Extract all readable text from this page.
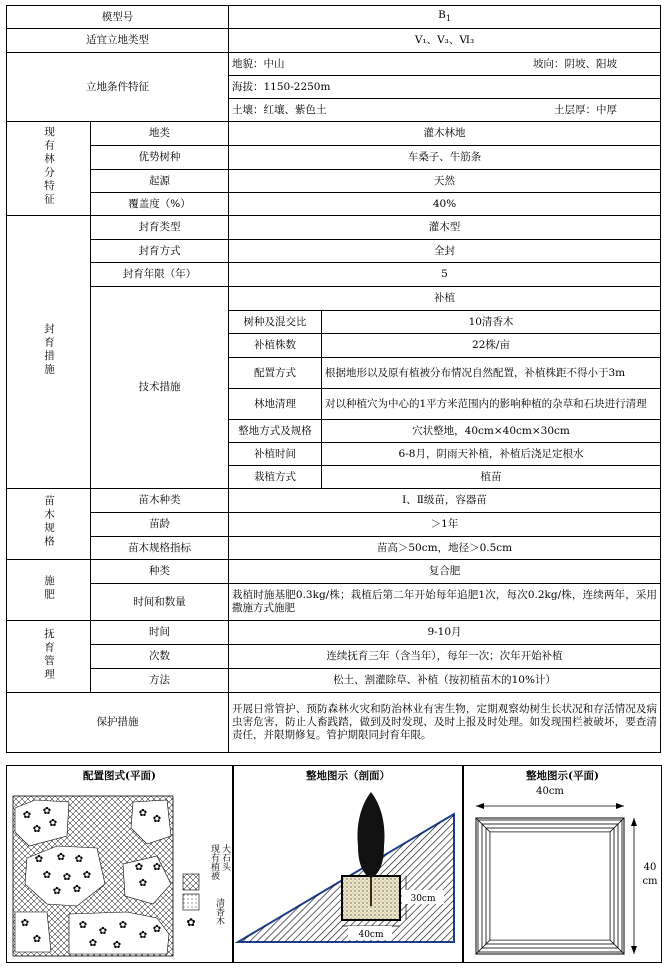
模型号		$B_1$
适宜立地类型		V₁、V₃、Ⅵ₃	
立地条件特征		地貌：中山 坡向：阴坡、阳坡	

		海拔：1150-2250m	

		土壤：红壤、紫色土 土层厚：中厚	

现有林分特征	地类	灌木林地	
	优势树种	车桑子、牛筋条	
	起源	天然	
	覆盖度（%）	40%	
封育措施	封育类型	灌木型	
	封育方式	全封	
	封育年限（年）	5	
	技术措施	补植	
		树种及混交比	10清香木
		补植株数	22株/亩
		配置方式	根据地形以及原有植被分布情况自然配置，补植株距不得小于3m
		林地清理	对以种植穴为中心的1平方米范围内的影响种植的杂草和石块进行清理
		整地方式及规格	穴状整地，40cm×40cm×30cm
		补植时间	6-8月，阴雨天补植，补植后浇足定根水
		栽植方式	植苗
苗木规格	苗木种类	Ⅰ、Ⅱ级苗，容器苗	
	苗龄	＞1年	
	苗木规格指标	苗高＞50cm，地径＞0.5cm	
施肥	种类	复合肥	
	时间和数量	栽植时施基肥0.3kg/株；栽植后第二年开始每年追肥1次，每次0.2kg/株，连续两年，采用撒施方式施肥	
抚育管理	时间	9-10月	
	次数	连续抚育三年（含当年），每年一次；次年开始补植	
	方法	松土、割灌除草、补植（按初植苗木的10%计）	
保护措施		开展日常管护、预防森林火灾和防治林业有害生物，定期观察幼树生长状况和存活情况及病虫害危害，防止人畜践踏，做到及时发现、及时上报及时处理。如发现围栏被破坏，要查清责任，并限期修复。管护期限同封育年限。	
配置图式(平面)
✿ ✿
✿
✿
✿ ✿ ✿
✿ ✿ ✿
✿ ✿
✿
✿
✿ ✿
✿
✿
✿
✿
✿
✿
✿
✿
✿ ✿
✿
大石头
现有植被
清香木
整地图示（剖面）
30cm
40cm
整地图示(平面)
40cm
40
cm
